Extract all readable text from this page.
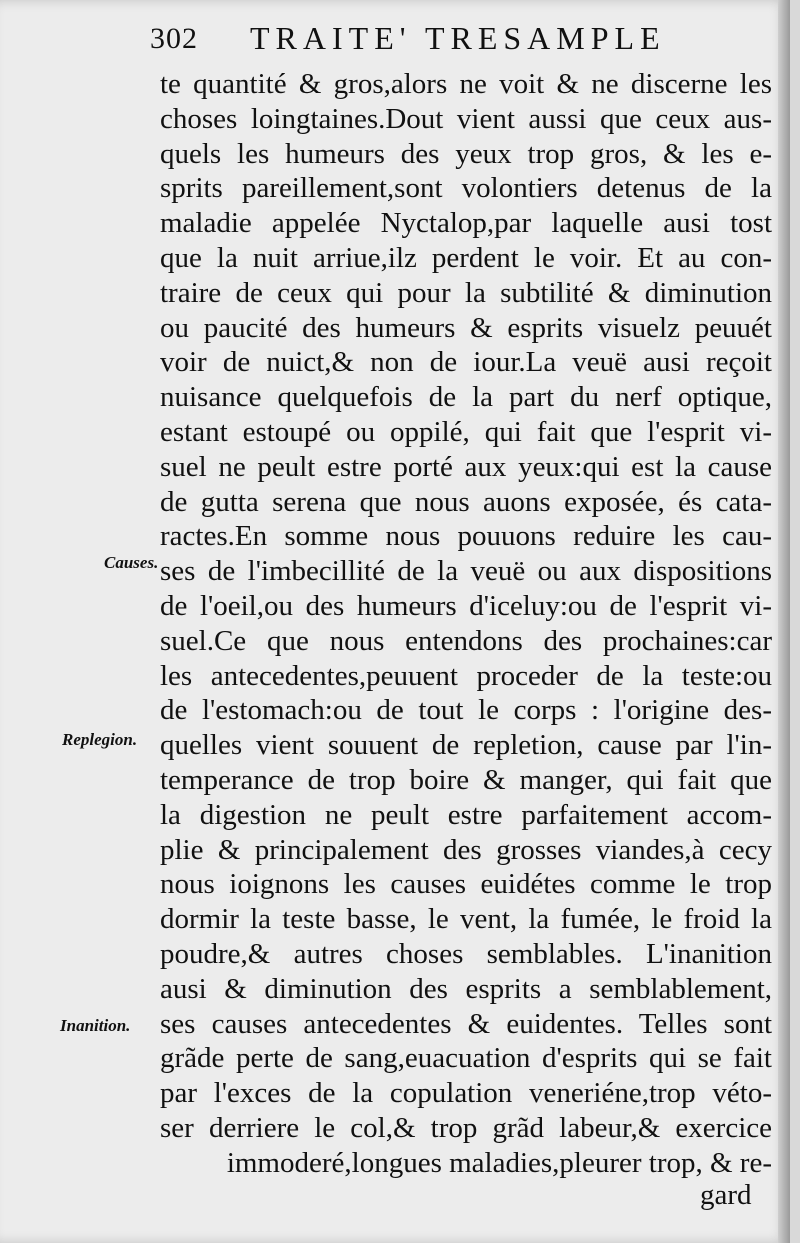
302 TRAITE' TRESAMPLE
Causes.
Replegion.
Inanition.
te quantité & gros,alors ne voit & ne discerne les
choses loingtaines.Dout vient aussi que ceux aus-
quels les humeurs des yeux trop gros, & les e-
sprits pareillement,sont volontiers detenus de la
maladie appelée Nyctalop,par laquelle ausi tost
que la nuit arriue,ilz perdent le voir. Et au con-
traire de ceux qui pour la subtilité & diminution
ou paucité des humeurs & esprits visuelz peuuét
voir de nuict,& non de iour.La veuë ausi reçoit
nuisance quelquefois de la part du nerf optique,
estant estoupé ou oppilé, qui fait que l'esprit vi-
suel ne peult estre porté aux yeux:qui est la cause
de gutta serena que nous auons exposée, és cata-
ractes.En somme nous pouuons reduire les cau-
ses de l'imbecillité de la veuë ou aux dispositions
de l'oeil,ou des humeurs d'iceluy:ou de l'esprit vi-
suel.Ce que nous entendons des prochaines:car
les antecedentes,peuuent proceder de la teste:ou
de l'estomach:ou de tout le corps : l'origine des-
quelles vient souuent de repletion, cause par l'in-
temperance de trop boire & manger, qui fait que
la digestion ne peult estre parfaitement accom-
plie & principalement des grosses viandes,à cecy
nous ioignons les causes euidétes comme le trop
dormir la teste basse, le vent, la fumée, le froid la
poudre,& autres choses semblables. L'inanition
ausi & diminution des esprits a semblablement,
ses causes antecedentes & euidentes. Telles sont
grãde perte de sang,euacuation d'esprits qui se fait
par l'exces de la copulation veneriéne,trop véto-
ser derriere le col,& trop grãd labeur,& exercice
immoderé,longues maladies,pleurer trop, & re-
gard
